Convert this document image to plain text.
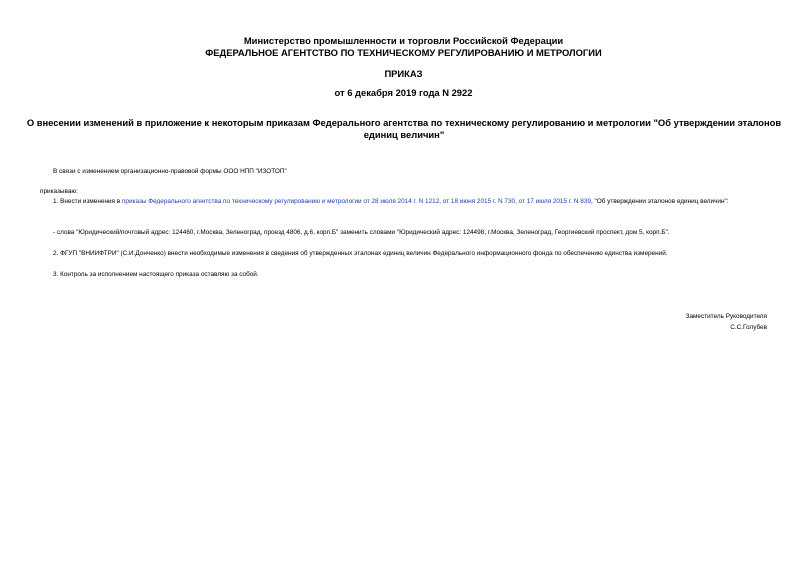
Министерство промышленности и торговли Российской Федерации
ФЕДЕРАЛЬНОЕ АГЕНТСТВО ПО ТЕХНИЧЕСКОМУ РЕГУЛИРОВАНИЮ И МЕТРОЛОГИИ
ПРИКАЗ
от 6 декабря 2019 года N 2922
О внесении изменений в приложение к некоторым приказам Федерального агентства по техническому регулированию и метрологии "Об утверждении эталонов единиц величин"
В связи с изменением организационно-правовой формы ООО НПП "ИЗОТОП"
приказываю:
1. Внести изменения в приказы Федерального агентства по техническому регулированию и метрологии от 28 июля 2014 г. N 1212, от 18 июня 2015 г. N 730, от 17 июля 2015 г. N 839, "Об утверждении эталонов единиц величин":
- слова "Юридический/почтовый адрес: 124460, г.Москва, Зеленоград, проезд 4806, д.6, корп.Б" заменить словами "Юридический адрес: 124498, г.Москва, Зеленоград, Георгиевский проспект, дом 5, корп.Б".
2. ФГУП "ВНИИФТРИ" (С.И.Донченко) внести необходимые изменения в сведения об утвержденных эталонах единиц величин Федерального информационного фонда по обеспечению единства измерений.
3. Контроль за исполнением настоящего приказа оставляю за собой.
Заместитель Руководителя
С.С.Голубев
